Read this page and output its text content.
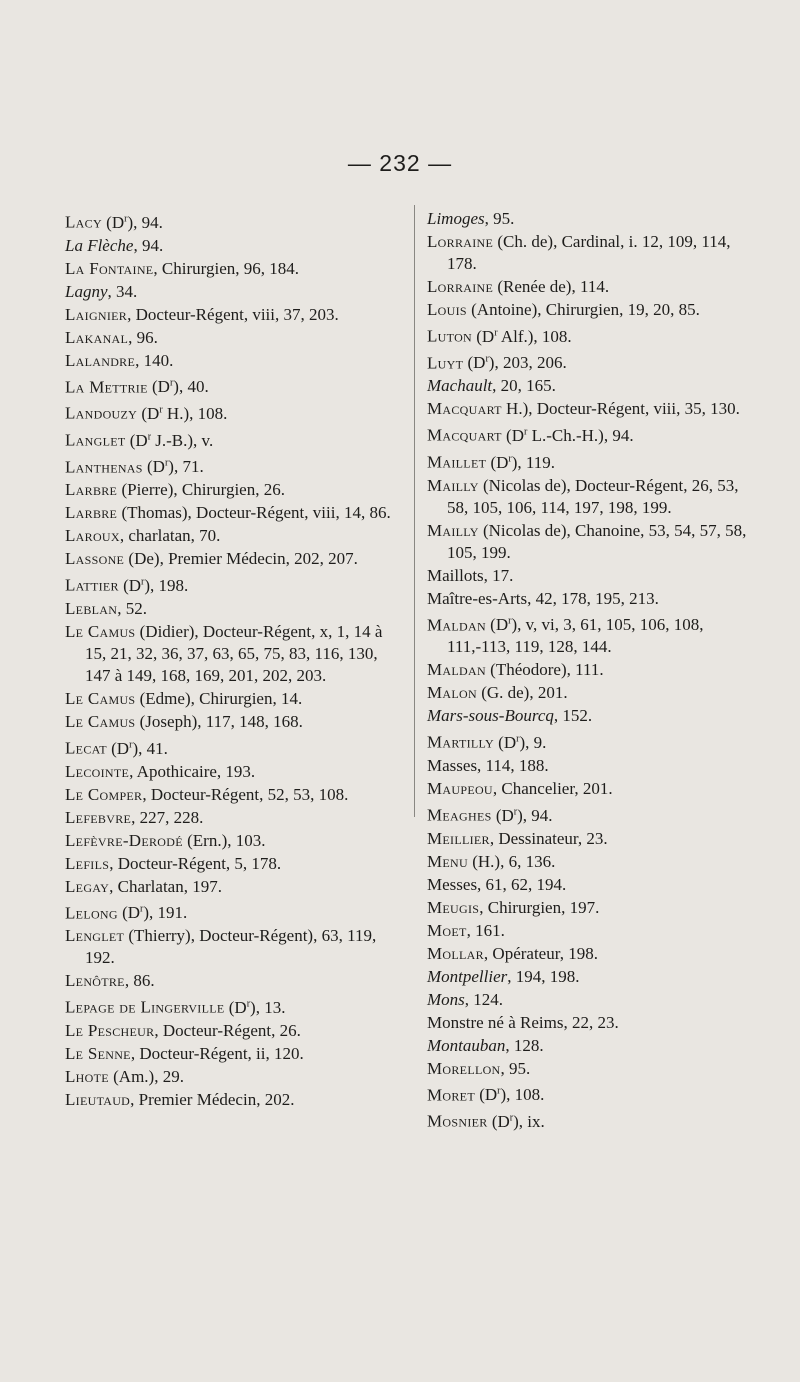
— 232 —
Lacy $(D^r)$, 94.
La Flèche, 94.
La Fontaine, Chirurgien, 96, 184.
Lagny, 34.
Laignier, Docteur-Régent, viii, 37, 203.
Lakanal, 96.
Lalandre, 140.
La Mettrie $(D^r)$, 40.
Landouzy ($D^r$ H.), 108.
Langlet ($D^r$ J.-B.), v.
Lanthenas $(D^r)$, 71.
Larbre (Pierre), Chirurgien, 26.
Larbre (Thomas), Docteur-Régent, viii, 14, 86.
Laroux, charlatan, 70.
Lassone (De), Premier Médecin, 202, 207.
Lattier $(D^r)$, 198.
Leblan, 52.
Le Camus (Didier), Docteur-Régent, x, 1, 14 à 15, 21, 32, 36, 37, 63, 65, 75, 83, 116, 130, 147 à 149, 168, 169, 201, 202, 203.
Le Camus (Edme), Chirurgien, 14.
Le Camus (Joseph), 117, 148, 168.
Lecat $(D^r)$, 41.
Lecointe, Apothicaire, 193.
Le Comper, Docteur-Régent, 52, 53, 108.
Lefebvre, 227, 228.
Lefèvre-Derodé (Ern.), 103.
Lefils, Docteur-Régent, 5, 178.
Legay, Charlatan, 197.
Lelong $(D^r)$, 191.
Lenglet (Thierry), Docteur-Régent), 63, 119, 192.
Lenôtre, 86.
Lepage de Lingerville $(D^r)$, 13.
Le Pescheur, Docteur-Régent, 26.
Le Senne, Docteur-Régent, ii, 120.
Lhote (Am.), 29.
Lieutaud, Premier Médecin, 202.
Limoges, 95.
Lorraine (Ch. de), Cardinal, i. 12, 109, 114, 178.
Lorraine (Renée de), 114.
Louis (Antoine), Chirurgien, 19, 20, 85.
Luton ($D^r$ Alf.), 108.
Luyt $(D^r)$, 203, 206.
Machault, 20, 165.
Macquart H.), Docteur-Régent, viii, 35, 130.
Macquart ($D^r$ L.-Ch.-H.), 94.
Maillet $(D^r)$, 119.
Mailly (Nicolas de), Docteur-Régent, 26, 53, 58, 105, 106, 114, 197, 198, 199.
Mailly (Nicolas de), Chanoine, 53, 54, 57, 58, 105, 199.
Maillots, 17.
Maître-es-Arts, 42, 178, 195, 213.
Maldan $(D^r)$, v, vi, 3, 61, 105, 106, 108, 111,-113, 119, 128, 144.
Maldan (Théodore), 111.
Malon (G. de), 201.
Mars-sous-Bourcq, 152.
Martilly $(D^r)$, 9.
Masses, 114, 188.
Maupeou, Chancelier, 201.
Meaghes $(D^r)$, 94.
Meillier, Dessinateur, 23.
Menu (H.), 6, 136.
Messes, 61, 62, 194.
Meugis, Chirurgien, 197.
Moet, 161.
Mollar, Opérateur, 198.
Montpellier, 194, 198.
Mons, 124.
Monstre né à Reims, 22, 23.
Montauban, 128.
Morellon, 95.
Moret $(D^r)$, 108.
Mosnier $(D^r)$, ix.
